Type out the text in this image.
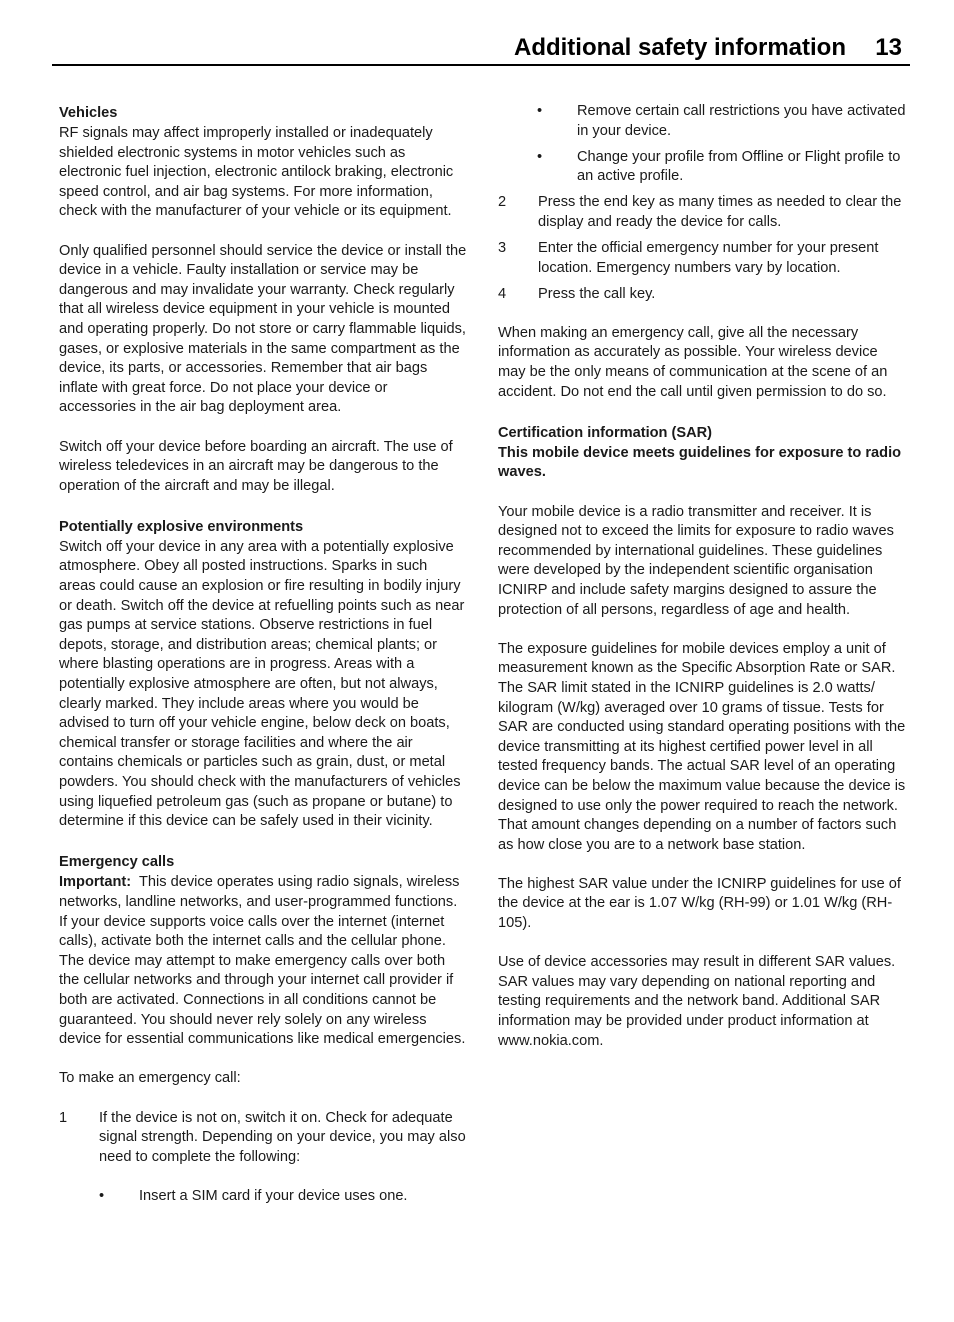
Additional safety information 13
Vehicles

RF signals may affect improperly installed or inadequately shielded electronic systems in motor vehicles such as electronic fuel injection, electronic antilock braking, electronic speed control, and air bag systems. For more information, check with the manufacturer of your vehicle or its equipment.

Only qualified personnel should service the device or install the device in a vehicle. Faulty installation or service may be dangerous and may invalidate your warranty. Check regularly that all wireless device equipment in your vehicle is mounted and operating properly. Do not store or carry flammable liquids, gases, or explosive materials in the same compartment as the device, its parts, or accessories. Remember that air bags inflate with great force. Do not place your device or accessories in the air bag deployment area.

Switch off your device before boarding an aircraft. The use of wireless teledevices in an aircraft may be dangerous to the operation of the aircraft and may be illegal.

Potentially explosive environments

Switch off your device in any area with a potentially explosive atmosphere. Obey all posted instructions. Sparks in such areas could cause an explosion or fire resulting in bodily injury or death. Switch off the device at refuelling points such as near gas pumps at service stations. Observe restrictions in fuel depots, storage, and distribution areas; chemical plants; or where blasting operations are in progress. Areas with a potentially explosive atmosphere are often, but not always, clearly marked. They include areas where you would be advised to turn off your vehicle engine, below deck on boats, chemical transfer or storage facilities and where the air contains chemicals or particles such as grain, dust, or metal powders. You should check with the manufacturers of vehicles using liquefied petroleum gas (such as propane or butane) to determine if this device can be safely used in their vicinity.

Emergency calls

Important: This device operates using radio signals, wireless networks, landline networks, and user-programmed functions. If your device supports voice calls over the internet (internet calls), activate both the internet calls and the cellular phone. The device may attempt to make emergency calls over both the cellular networks and through your internet call provider if both are activated. Connections in all conditions cannot be guaranteed. You should never rely solely on any wireless device for essential communications like medical emergencies.

To make an emergency call:

1	If the device is not on, switch it on. Check for adequate signal strength. Depending on your device, you may also need to complete the following:
•	Insert a SIM card if your device uses one.
•	Remove certain call restrictions you have activated in your device.
•	Change your profile from Offline or Flight profile to an active profile.
2	Press the end key as many times as needed to clear the display and ready the device for calls.
3	Enter the official emergency number for your present location. Emergency numbers vary by location.
4	Press the call key.

When making an emergency call, give all the necessary information as accurately as possible. Your wireless device may be the only means of communication at the scene of an accident. Do not end the call until given permission to do so.

Certification information (SAR)

This mobile device meets guidelines for exposure to radio waves.

Your mobile device is a radio transmitter and receiver. It is designed not to exceed the limits for exposure to radio waves recommended by international guidelines. These guidelines were developed by the independent scientific organisation ICNIRP and include safety margins designed to assure the protection of all persons, regardless of age and health.

The exposure guidelines for mobile devices employ a unit of measurement known as the Specific Absorption Rate or SAR. The SAR limit stated in the ICNIRP guidelines is 2.0 watts/ kilogram (W/kg) averaged over 10 grams of tissue. Tests for SAR are conducted using standard operating positions with the device transmitting at its highest certified power level in all tested frequency bands. The actual SAR level of an operating device can be below the maximum value because the device is designed to use only the power required to reach the network. That amount changes depending on a number of factors such as how close you are to a network base station.

The highest SAR value under the ICNIRP guidelines for use of the device at the ear is 1.07 W/kg (RH-99) or 1.01 W/kg (RH-105).

Use of device accessories may result in different SAR values. SAR values may vary depending on national reporting and testing requirements and the network band. Additional SAR information may be provided under product information at www.nokia.com.
